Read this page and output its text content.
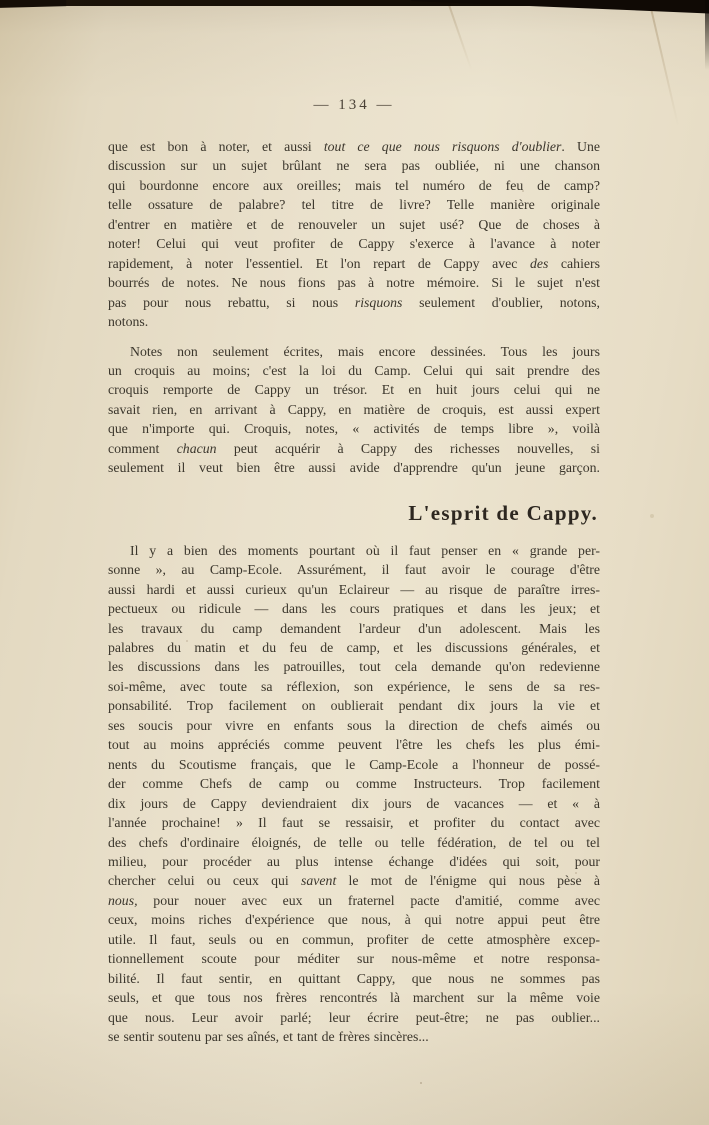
— 134 —
que est bon à noter, et aussi tout ce que nous risquons d'oublier. Une
discussion sur un sujet brûlant ne sera pas oubliée, ni une chanson
qui bourdonne encore aux oreilles; mais tel numéro de feu de camp?
telle ossature de palabre? tel titre de livre? Telle manière originale
d'entrer en matière et de renouveler un sujet usé? Que de choses à
noter! Celui qui veut profiter de Cappy s'exerce à l'avance à noter
rapidement, à noter l'essentiel. Et l'on repart de Cappy avec des cahiers
bourrés de notes. Ne nous fions pas à notre mémoire. Si le sujet n'est
pas pour nous rebattu, si nous risquons seulement d'oublier, notons,
notons.
Notes non seulement écrites, mais encore dessinées. Tous les jours
un croquis au moins; c'est la loi du Camp. Celui qui sait prendre des
croquis remporte de Cappy un trésor. Et en huit jours celui qui ne
savait rien, en arrivant à Cappy, en matière de croquis, est aussi expert
que n'importe qui. Croquis, notes, « activités de temps libre », voilà
comment chacun peut acquérir à Cappy des richesses nouvelles, si
seulement il veut bien être aussi avide d'apprendre qu'un jeune garçon.
L'esprit de Cappy.
Il y a bien des moments pourtant où il faut penser en « grande per-
sonne », au Camp-Ecole. Assurément, il faut avoir le courage d'être
aussi hardi et aussi curieux qu'un Eclaireur — au risque de paraître irres-
pectueux ou ridicule — dans les cours pratiques et dans les jeux; et
les travaux du camp demandent l'ardeur d'un adolescent. Mais les
palabres du matin et du feu de camp, et les discussions générales, et
les discussions dans les patrouilles, tout cela demande qu'on redevienne
soi-même, avec toute sa réflexion, son expérience, le sens de sa res-
ponsabilité. Trop facilement on oublierait pendant dix jours la vie et
ses soucis pour vivre en enfants sous la direction de chefs aimés ou
tout au moins appréciés comme peuvent l'être les chefs les plus émi-
nents du Scoutisme français, que le Camp-Ecole a l'honneur de possé-
der comme Chefs de camp ou comme Instructeurs. Trop facilement
dix jours de Cappy deviendraient dix jours de vacances — et « à
l'année prochaine! » Il faut se ressaisir, et profiter du contact avec
des chefs d'ordinaire éloignés, de telle ou telle fédération, de tel ou tel
milieu, pour procéder au plus intense échange d'idées qui soit, pour
chercher celui ou ceux qui savent le mot de l'énigme qui nous pèse à
nous, pour nouer avec eux un fraternel pacte d'amitié, comme avec
ceux, moins riches d'expérience que nous, à qui notre appui peut être
utile. Il faut, seuls ou en commun, profiter de cette atmosphère excep-
tionnellement scoute pour méditer sur nous-même et notre responsa-
bilité. Il faut sentir, en quittant Cappy, que nous ne sommes pas
seuls, et que tous nos frères rencontrés là marchent sur la même voie
que nous. Leur avoir parlé; leur écrire peut-être; ne pas oublier...
se sentir soutenu par ses aînés, et tant de frères sincères...
